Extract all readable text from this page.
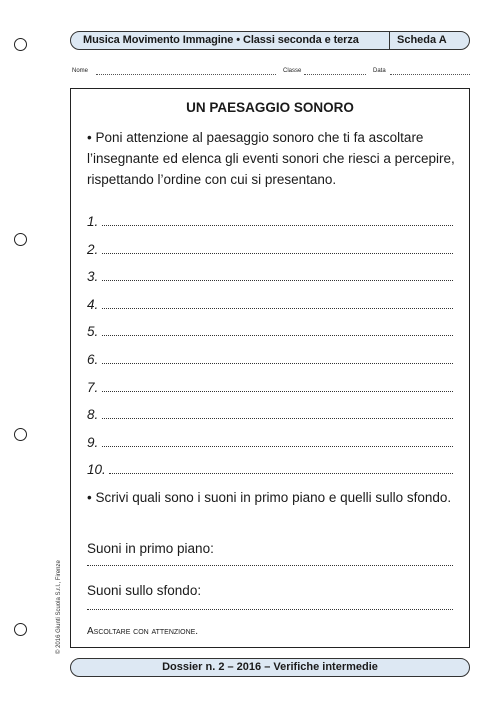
Musica Movimento Immagine • Classi seconda e terza	Scheda A
Nome	Classe	Data
UN PAESAGGIO SONORO
• Poni attenzione al paesaggio sonoro che ti fa ascoltare l’insegnante ed elenca gli eventi sonori che riesci a percepire, rispettando l’ordine con cui si presentano.
1.
2.
3.
4.
5.
6.
7.
8.
9.
10.
• Scrivi quali sono i suoni in primo piano e quelli sullo sfondo.
Suoni in primo piano:
Suoni sullo sfondo:
Ascoltare con attenzione.
© 2016 Giunti Scuola S.r.l., Firenze
Dossier n. 2 – 2016 – Verifiche intermedie
